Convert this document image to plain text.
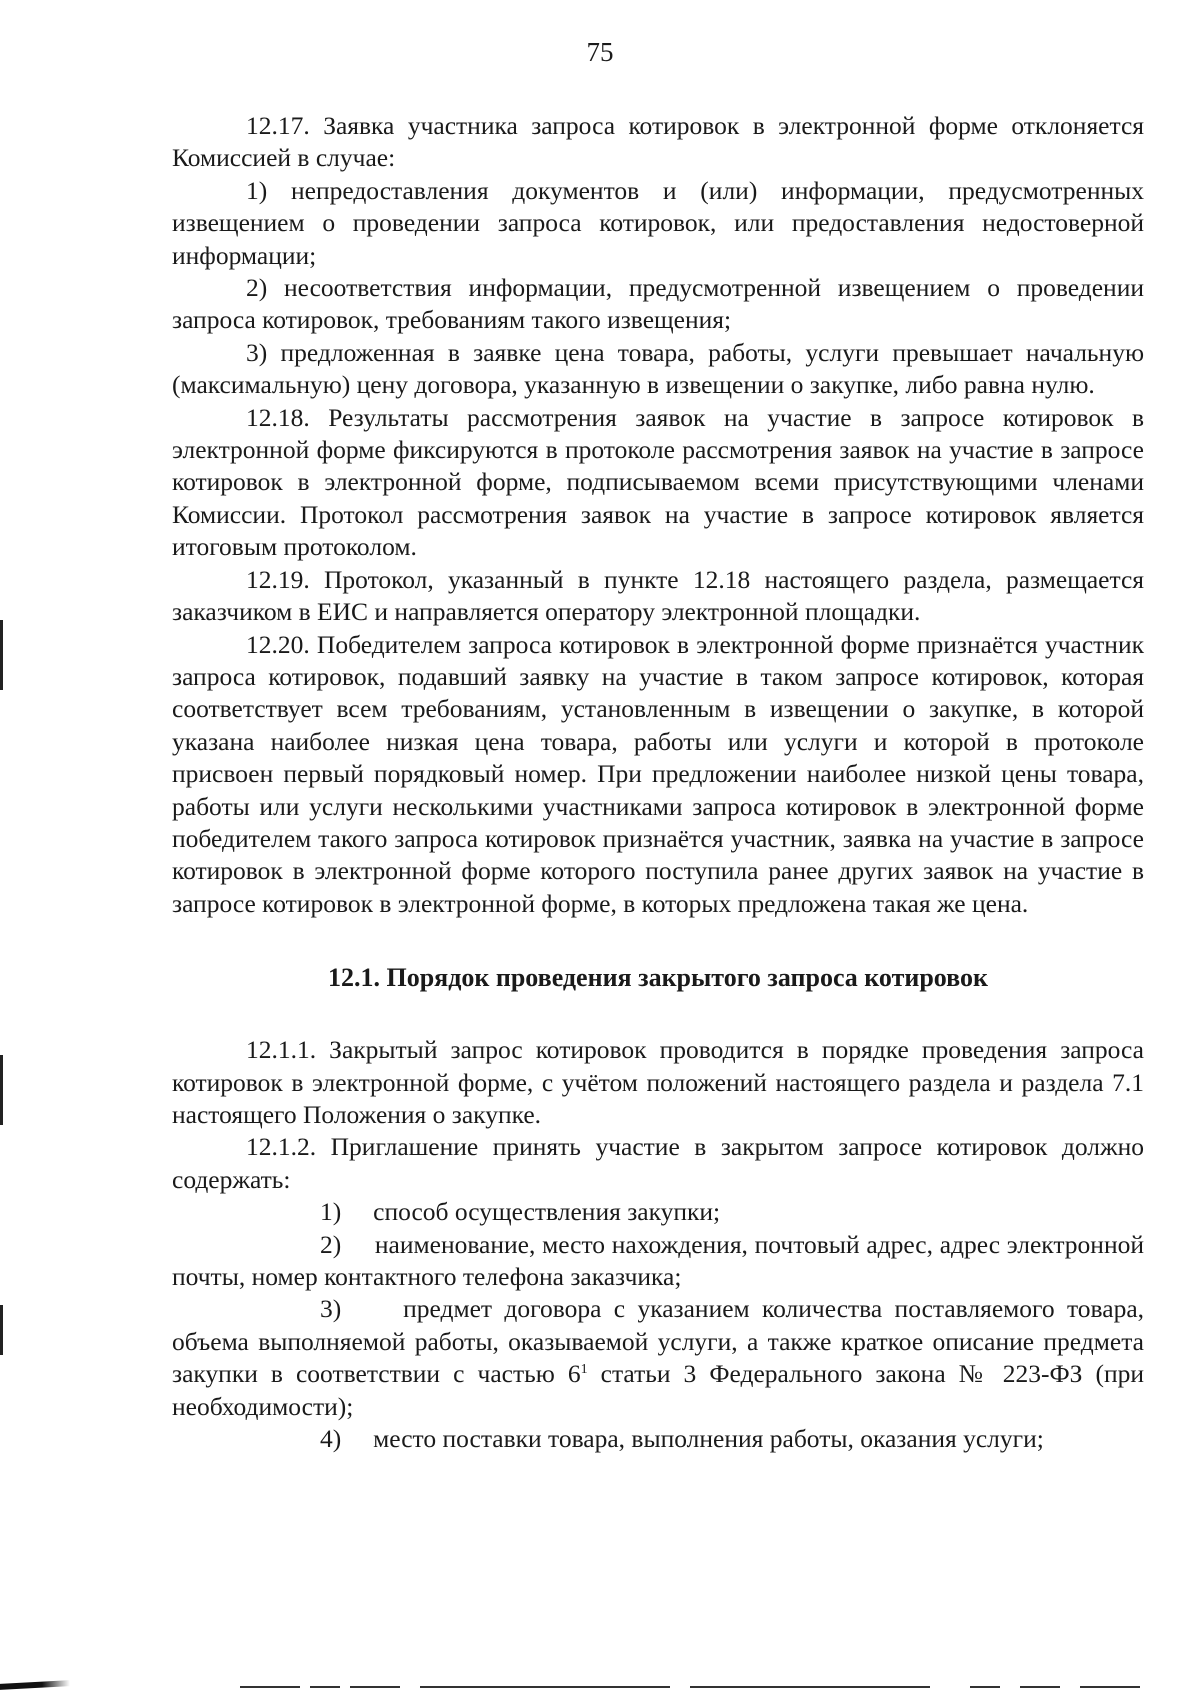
75

12.17. Заявка участника запроса котировок в электронной форме отклоняется Комиссией в случае:

1) непредоставления документов и (или) информации, предусмотренных извещением о проведении запроса котировок, или предоставления недостоверной информации;

2) несоответствия информации, предусмотренной извещением о проведении запроса котировок, требованиям такого извещения;

3) предложенная в заявке цена товара, работы, услуги превышает начальную (максимальную) цену договора, указанную в извещении о закупке, либо равна нулю.

12.18. Результаты рассмотрения заявок на участие в запросе котировок в электронной форме фиксируются в протоколе рассмотрения заявок на участие в запросе котировок в электронной форме, подписываемом всеми присутствующими членами Комиссии. Протокол рассмотрения заявок на участие в запросе котировок является итоговым протоколом.

12.19. Протокол, указанный в пункте 12.18 настоящего раздела, размещается заказчиком в ЕИС и направляется оператору электронной площадки.

12.20. Победителем запроса котировок в электронной форме признаётся участник запроса котировок, подавший заявку на участие в таком запросе котировок, которая соответствует всем требованиям, установленным в извещении о закупке, в которой указана наиболее низкая цена товара, работы или услуги и которой в протоколе присвоен первый порядковый номер. При предложении наиболее низкой цены товара, работы или услуги несколькими участниками запроса котировок в электронной форме победителем такого запроса котировок признаётся участник, заявка на участие в запросе котировок в электронной форме которого поступила ранее других заявок на участие в запросе котировок в электронной форме, в которых предложена такая же цена.

12.1. Порядок проведения закрытого запроса котировок

12.1.1. Закрытый запрос котировок проводится в порядке проведения запроса котировок в электронной форме, с учётом положений настоящего раздела и раздела 7.1 настоящего Положения о закупке.

12.1.2. Приглашение принять участие в закрытом запросе котировок должно содержать:

1) способ осуществления закупки;

2) наименование, место нахождения, почтовый адрес, адрес электронной почты, номер контактного телефона заказчика;

3) предмет договора с указанием количества поставляемого товара, объема выполняемой работы, оказываемой услуги, а также краткое описание предмета закупки в соответствии с частью $6^1$ статьи 3 Федерального закона № 223-ФЗ (при необходимости);

4) место поставки товара, выполнения работы, оказания услуги;
